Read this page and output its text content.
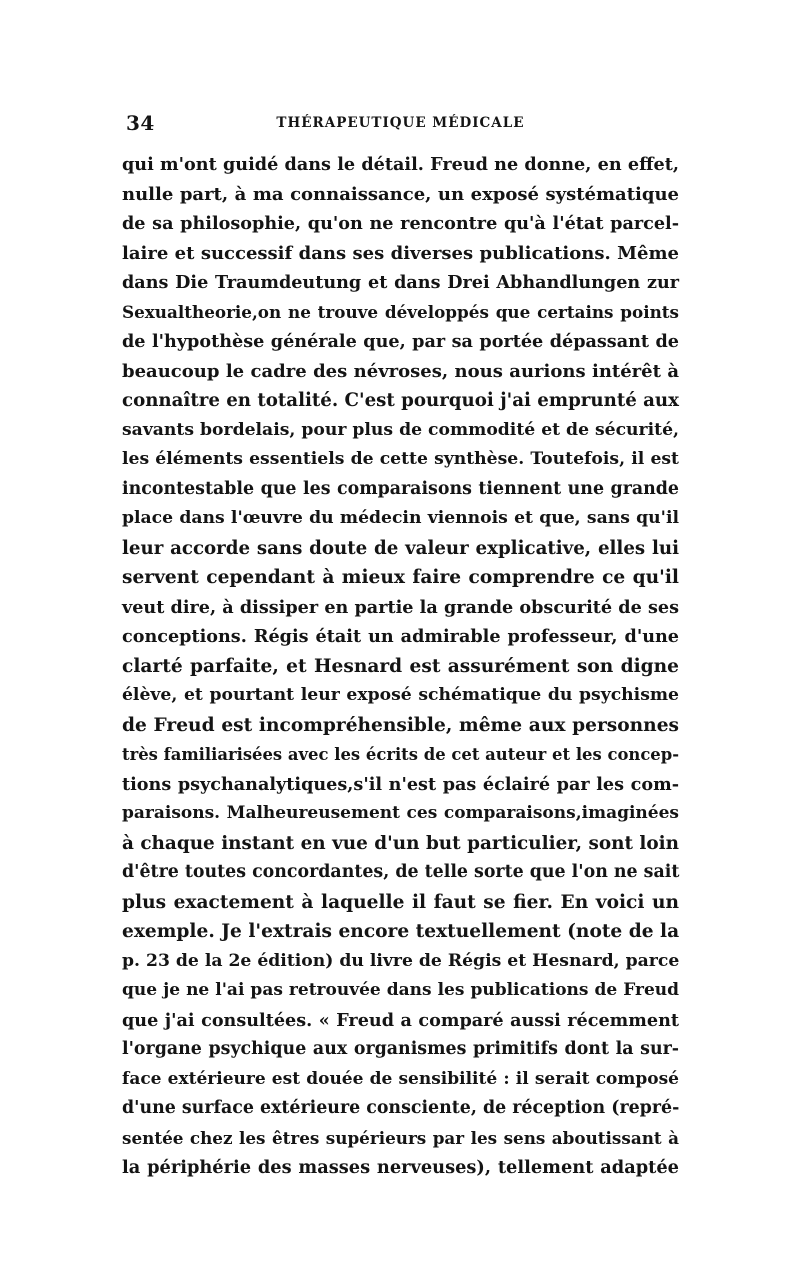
34	THÉRAPEUTIQUE MÉDICALE
qui m'ont guidé dans le détail. Freud ne donne, en effet,
nulle part, à ma connaissance, un exposé systématique
de sa philosophie, qu'on ne rencontre qu'à l'état parcel-
laire et successif dans ses diverses publications. Même
dans Die Traumdeutung et dans Drei Abhandlungen zur
Sexualtheorie,on ne trouve développés que certains points
de l'hypothèse générale que, par sa portée dépassant de
beaucoup le cadre des névroses, nous aurions intérêt à
connaître en totalité. C'est pourquoi j'ai emprunté aux
savants bordelais, pour plus de commodité et de sécurité,
les éléments essentiels de cette synthèse. Toutefois, il est
incontestable que les comparaisons tiennent une grande
place dans l'œuvre du médecin viennois et que, sans qu'il
leur accorde sans doute de valeur explicative, elles lui
servent cependant à mieux faire comprendre ce qu'il
veut dire, à dissiper en partie la grande obscurité de ses
conceptions. Régis était un admirable professeur, d'une
clarté parfaite, et Hesnard est assurément son digne
élève, et pourtant leur exposé schématique du psychisme
de Freud est incompréhensible, même aux personnes
très familiarisées avec les écrits de cet auteur et les concep-
tions psychanalytiques,s'il n'est pas éclairé par les com-
paraisons. Malheureusement ces comparaisons,imaginées
à chaque instant en vue d'un but particulier, sont loin
d'être toutes concordantes, de telle sorte que l'on ne sait
plus exactement à laquelle il faut se fier. En voici un
exemple. Je l'extrais encore textuellement (note de la
p. 23 de la 2e édition) du livre de Régis et Hesnard, parce
que je ne l'ai pas retrouvée dans les publications de Freud
que j'ai consultées. « Freud a comparé aussi récemment
l'organe psychique aux organismes primitifs dont la sur-
face extérieure est douée de sensibilité : il serait composé
d'une surface extérieure consciente, de réception (repré-
sentée chez les êtres supérieurs par les sens aboutissant à
la périphérie des masses nerveuses), tellement adaptée
